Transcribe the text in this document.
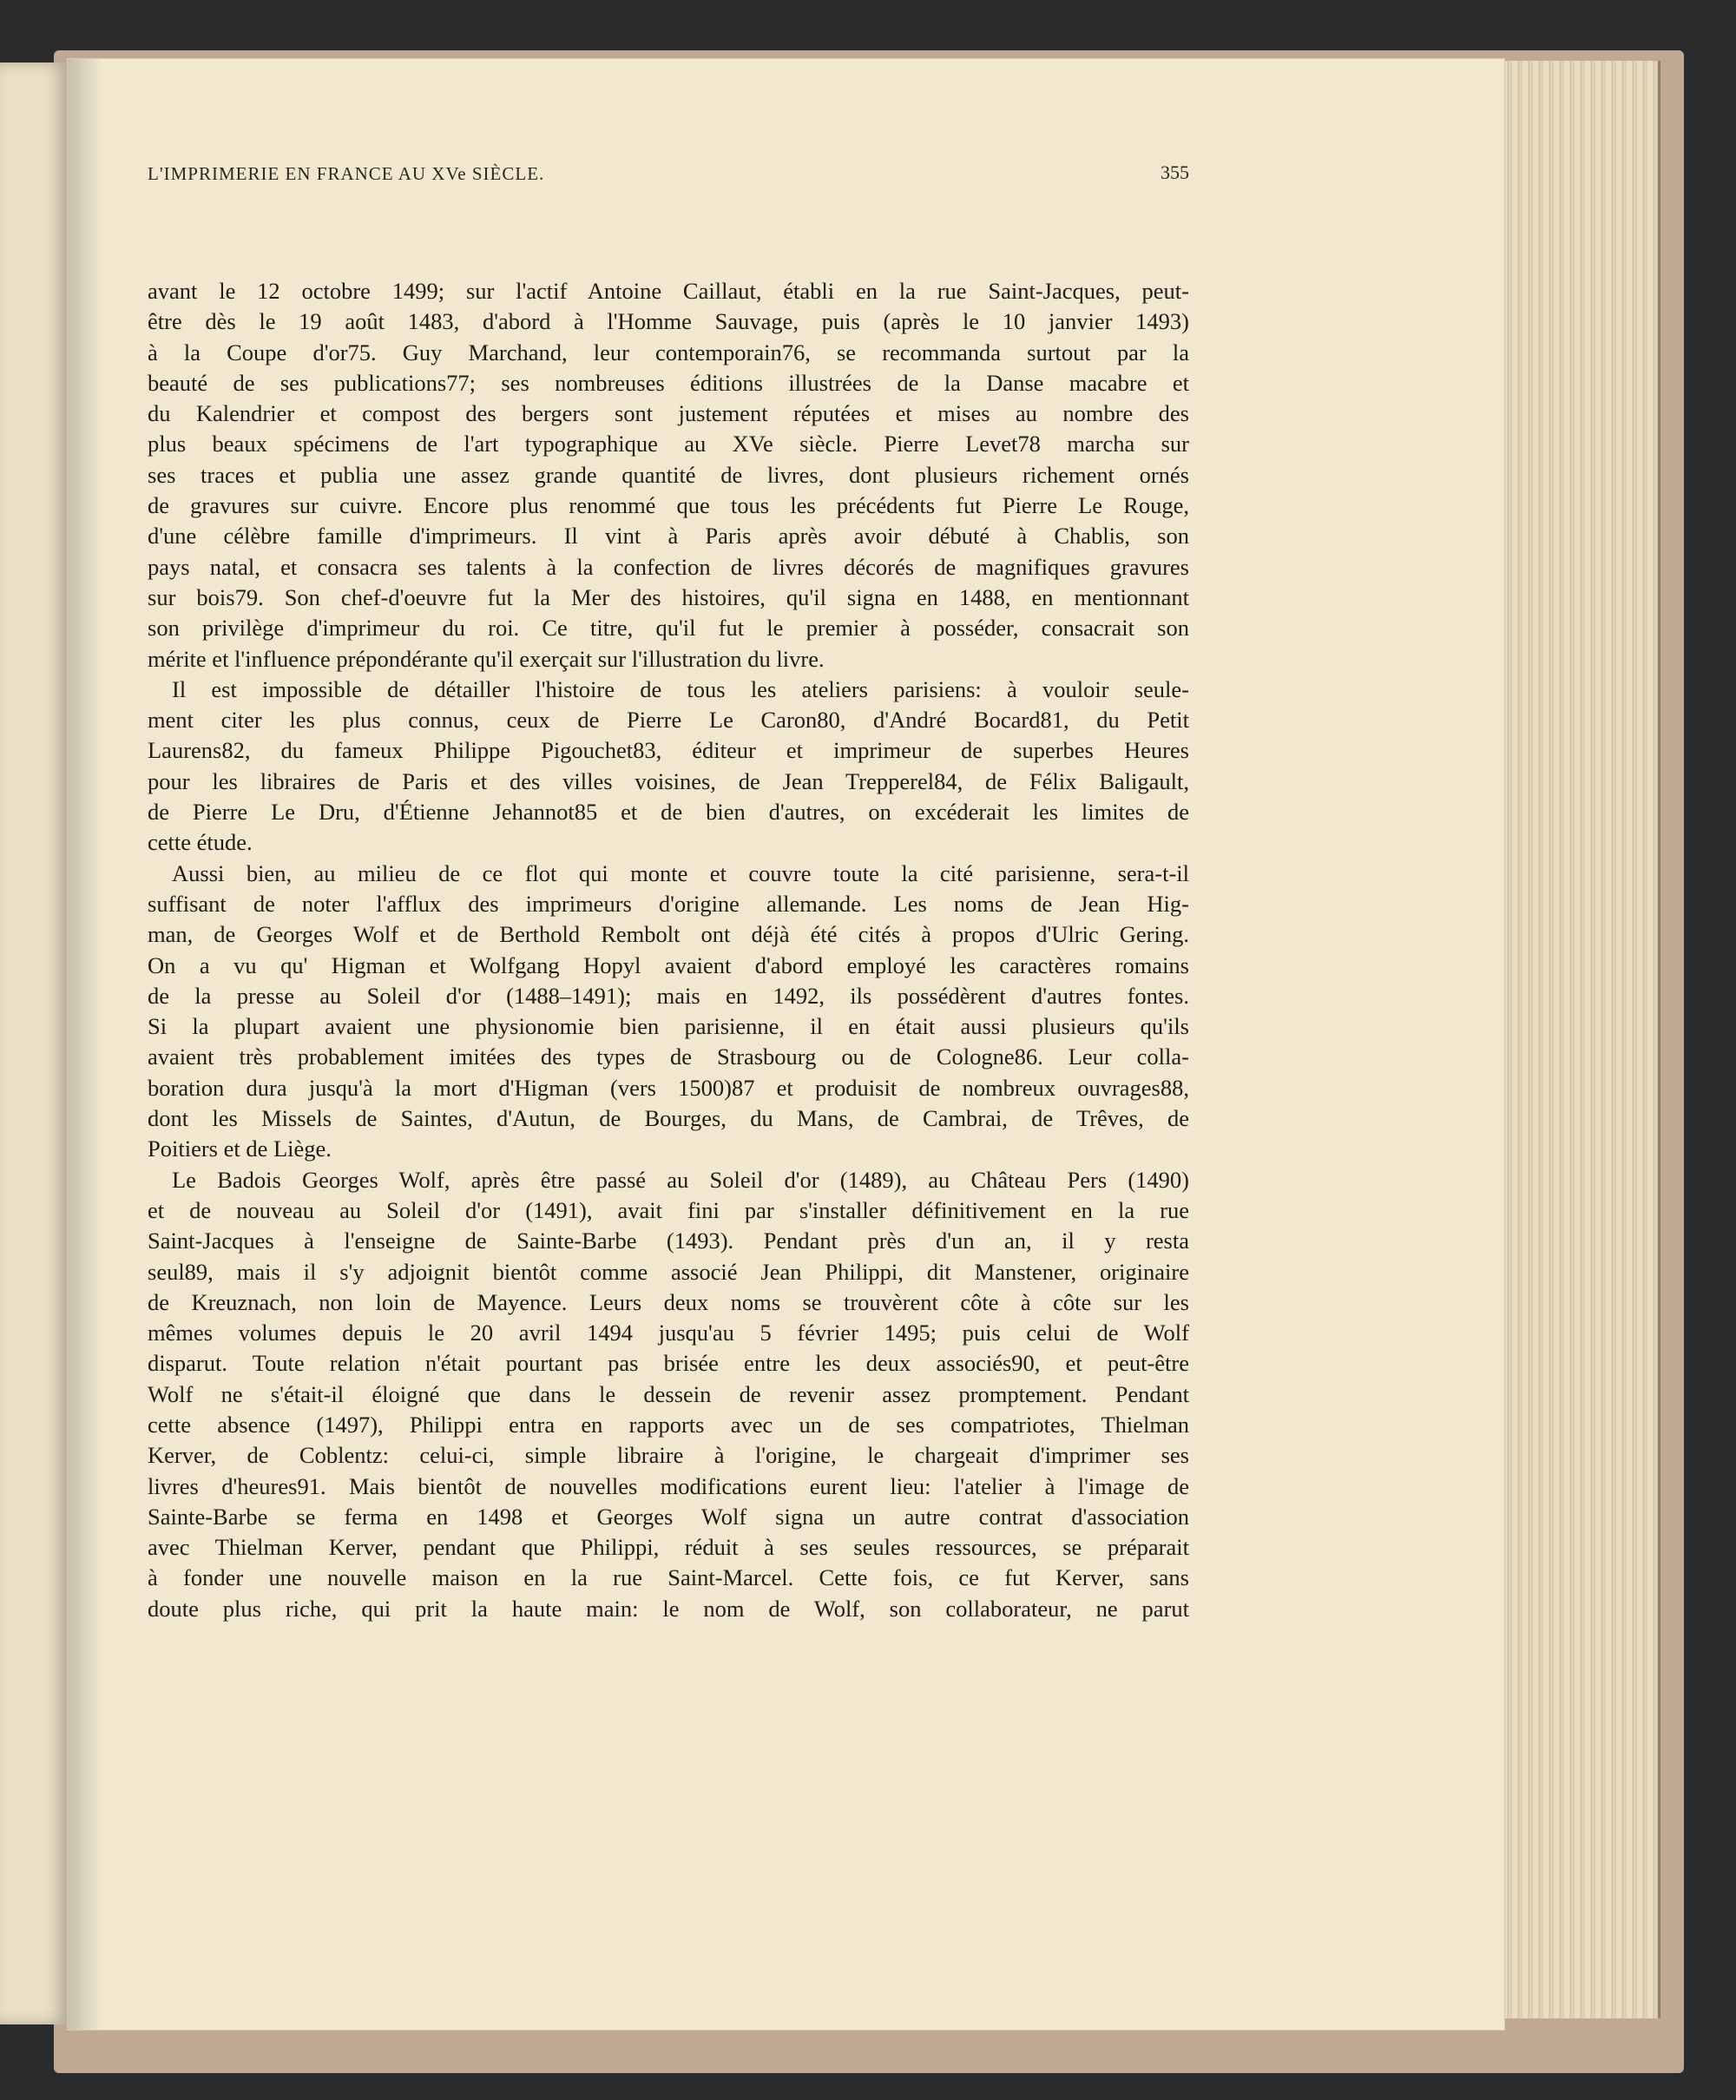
L'IMPRIMERIE EN FRANCE AU XVe SIÈCLE.	355
avant le 12 octobre 1499; sur l'actif Antoine Caillaut, établi en la rue Saint-Jacques, peut-
être dès le 19 août 1483, d'abord à l'Homme Sauvage, puis (après le 10 janvier 1493)
à la Coupe d'or75. Guy Marchand, leur contemporain76, se recommanda surtout par la
beauté de ses publications77; ses nombreuses éditions illustrées de la Danse macabre et
du Kalendrier et compost des bergers sont justement réputées et mises au nombre des
plus beaux spécimens de l'art typographique au XVe siècle. Pierre Levet78 marcha sur
ses traces et publia une assez grande quantité de livres, dont plusieurs richement ornés
de gravures sur cuivre. Encore plus renommé que tous les précédents fut Pierre Le Rouge,
d'une célèbre famille d'imprimeurs. Il vint à Paris après avoir débuté à Chablis, son
pays natal, et consacra ses talents à la confection de livres décorés de magnifiques gravures
sur bois79. Son chef-d'oeuvre fut la Mer des histoires, qu'il signa en 1488, en mentionnant
son privilège d'imprimeur du roi. Ce titre, qu'il fut le premier à posséder, consacrait son
mérite et l'influence prépondérante qu'il exerçait sur l'illustration du livre.
Il est impossible de détailler l'histoire de tous les ateliers parisiens: à vouloir seule-
ment citer les plus connus, ceux de Pierre Le Caron80, d'André Bocard81, du Petit
Laurens82, du fameux Philippe Pigouchet83, éditeur et imprimeur de superbes Heures
pour les libraires de Paris et des villes voisines, de Jean Trepperel84, de Félix Baligault,
de Pierre Le Dru, d'Étienne Jehannot85 et de bien d'autres, on excéderait les limites de
cette étude.
Aussi bien, au milieu de ce flot qui monte et couvre toute la cité parisienne, sera-t-il
suffisant de noter l'afflux des imprimeurs d'origine allemande. Les noms de Jean Hig-
man, de Georges Wolf et de Berthold Rembolt ont déjà été cités à propos d'Ulric Gering.
On a vu qu' Higman et Wolfgang Hopyl avaient d'abord employé les caractères romains
de la presse au Soleil d'or (1488–1491); mais en 1492, ils possédèrent d'autres fontes.
Si la plupart avaient une physionomie bien parisienne, il en était aussi plusieurs qu'ils
avaient très probablement imitées des types de Strasbourg ou de Cologne86. Leur colla-
boration dura jusqu'à la mort d'Higman (vers 1500)87 et produisit de nombreux ouvrages88,
dont les Missels de Saintes, d'Autun, de Bourges, du Mans, de Cambrai, de Trêves, de
Poitiers et de Liège.
Le Badois Georges Wolf, après être passé au Soleil d'or (1489), au Château Pers (1490)
et de nouveau au Soleil d'or (1491), avait fini par s'installer définitivement en la rue
Saint-Jacques à l'enseigne de Sainte-Barbe (1493). Pendant près d'un an, il y resta
seul89, mais il s'y adjoignit bientôt comme associé Jean Philippi, dit Manstener, originaire
de Kreuznach, non loin de Mayence. Leurs deux noms se trouvèrent côte à côte sur les
mêmes volumes depuis le 20 avril 1494 jusqu'au 5 février 1495; puis celui de Wolf
disparut. Toute relation n'était pourtant pas brisée entre les deux associés90, et peut-être
Wolf ne s'était-il éloigné que dans le dessein de revenir assez promptement. Pendant
cette absence (1497), Philippi entra en rapports avec un de ses compatriotes, Thielman
Kerver, de Coblentz: celui-ci, simple libraire à l'origine, le chargeait d'imprimer ses
livres d'heures91. Mais bientôt de nouvelles modifications eurent lieu: l'atelier à l'image de
Sainte-Barbe se ferma en 1498 et Georges Wolf signa un autre contrat d'association
avec Thielman Kerver, pendant que Philippi, réduit à ses seules ressources, se préparait
à fonder une nouvelle maison en la rue Saint-Marcel. Cette fois, ce fut Kerver, sans
doute plus riche, qui prit la haute main: le nom de Wolf, son collaborateur, ne parut
